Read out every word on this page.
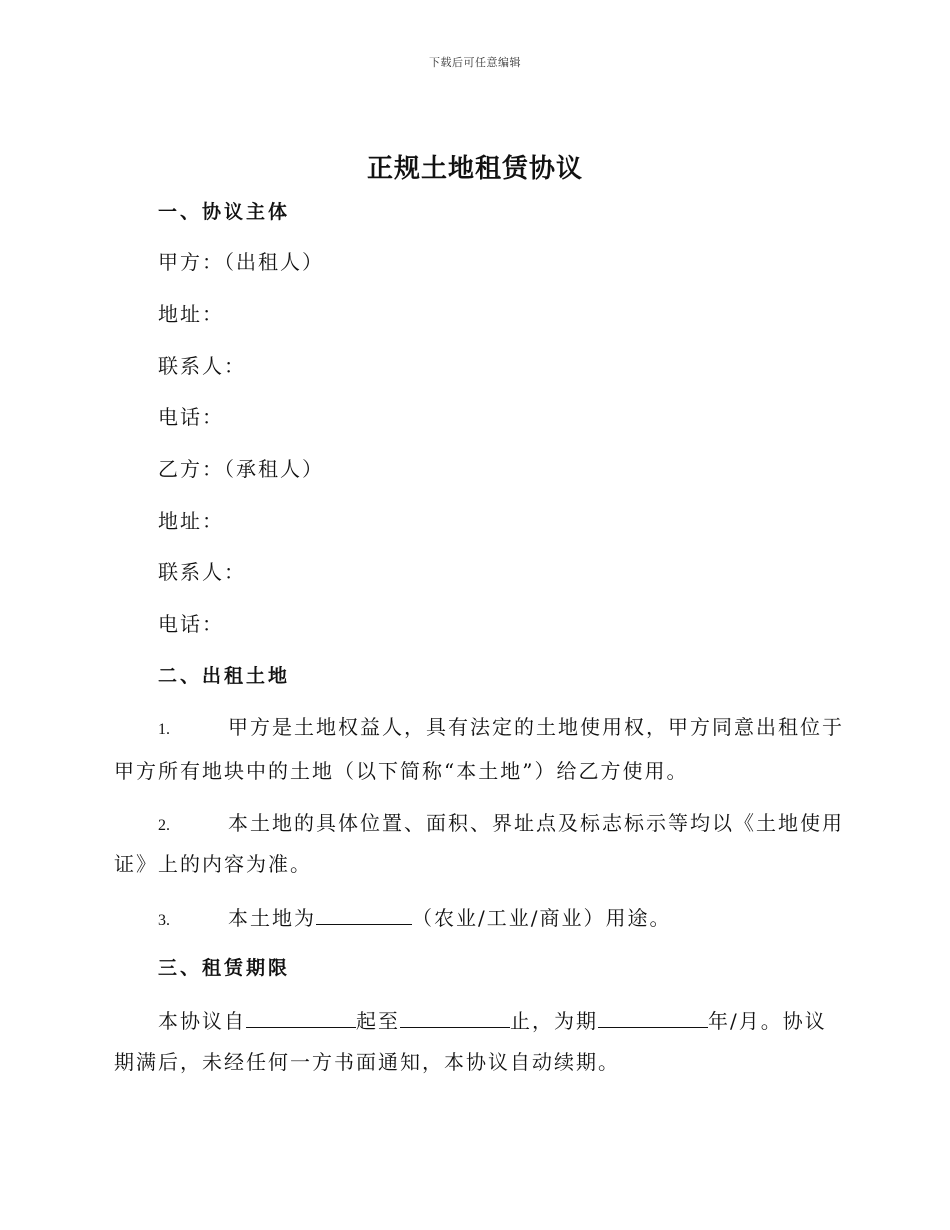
下载后可任意编辑
正规土地租赁协议
一、协议主体
甲方：（出租人）
地址：
联系人：
电话：
乙方：（承租人）
地址：
联系人：
电话：
二、出租土地
1.	甲方是土地权益人，具有法定的土地使用权，甲方同意出租位于
甲方所有地块中的土地（以下简称“本土地”）给乙方使用。
2.	本土地的具体位置、面积、界址点及标志标示等均以《土地使用
证》上的内容为准。
3.	本土地为	（农业/工业/商业）用途。
三、租赁期限
本协议自	起至	止，为期	年/月。协议
期满后，未经任何一方书面通知，本协议自动续期。
